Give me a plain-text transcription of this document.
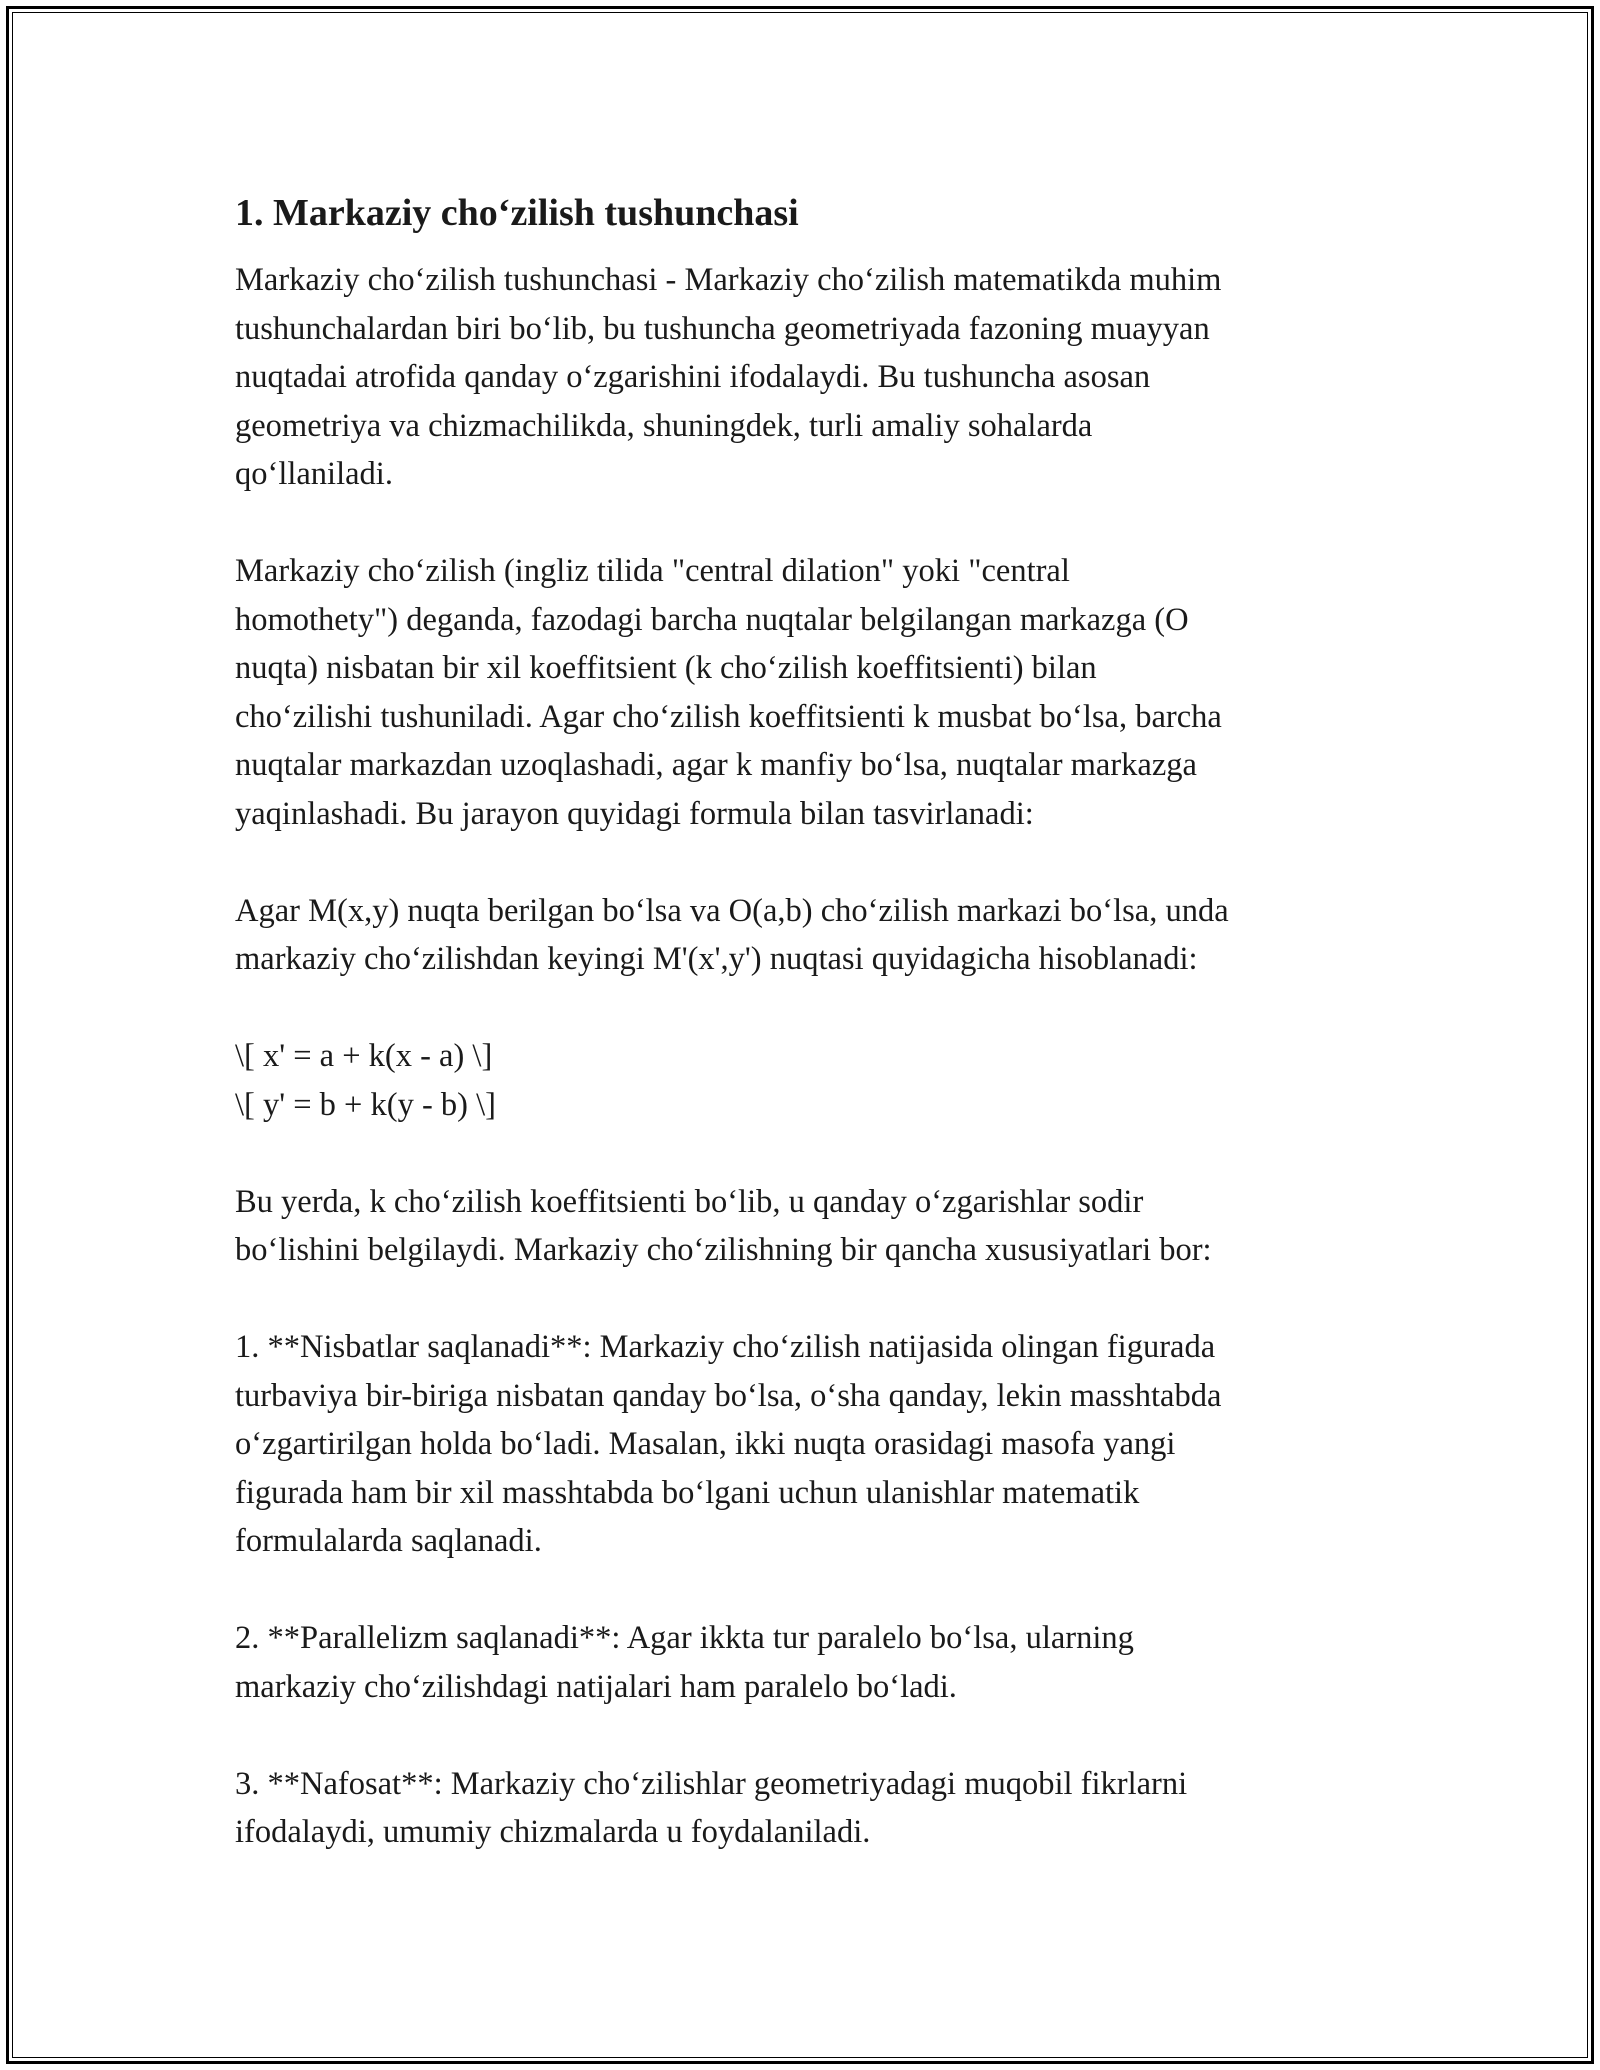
1. Markaziy cho‘zilish tushunchasi

Markaziy cho‘zilish tushunchasi - Markaziy cho‘zilish matematikda muhim
tushunchalardan biri bo‘lib, bu tushuncha geometriyada fazoning muayyan
nuqtadai atrofida qanday o‘zgarishini ifodalaydi. Bu tushuncha asosan
geometriya va chizmachilikda, shuningdek, turli amaliy sohalarda
qo‘llaniladi.

Markaziy cho‘zilish (ingliz tilida "central dilation" yoki "central
homothety") deganda, fazodagi barcha nuqtalar belgilangan markazga (O
nuqta) nisbatan bir xil koeffitsient (k cho‘zilish koeffitsienti) bilan
cho‘zilishi tushuniladi. Agar cho‘zilish koeffitsienti k musbat bo‘lsa, barcha
nuqtalar markazdan uzoqlashadi, agar k manfiy bo‘lsa, nuqtalar markazga
yaqinlashadi. Bu jarayon quyidagi formula bilan tasvirlanadi:

Agar M(x,y) nuqta berilgan bo‘lsa va O(a,b) cho‘zilish markazi bo‘lsa, unda
markaziy cho‘zilishdan keyingi M'(x',y') nuqtasi quyidagicha hisoblanadi:

\[ x' = a + k(x - a) \]
\[ y' = b + k(y - b) \]

Bu yerda, k cho‘zilish koeffitsienti bo‘lib, u qanday o‘zgarishlar sodir
bo‘lishini belgilaydi. Markaziy cho‘zilishning bir qancha xususiyatlari bor:

1. **Nisbatlar saqlanadi**: Markaziy cho‘zilish natijasida olingan figurada
turbaviya bir-biriga nisbatan qanday bo‘lsa, o‘sha qanday, lekin masshtabda
o‘zgartirilgan holda bo‘ladi. Masalan, ikki nuqta orasidagi masofa yangi
figurada ham bir xil masshtabda bo‘lgani uchun ulanishlar matematik
formulalarda saqlanadi.

2. **Parallelizm saqlanadi**: Agar ikkta tur paralelo bo‘lsa, ularning
markaziy cho‘zilishdagi natijalari ham paralelo bo‘ladi.

3. **Nafosat**: Markaziy cho‘zilishlar geometriyadagi muqobil fikrlarni
ifodalaydi, umumiy chizmalarda u foydalaniladi.
